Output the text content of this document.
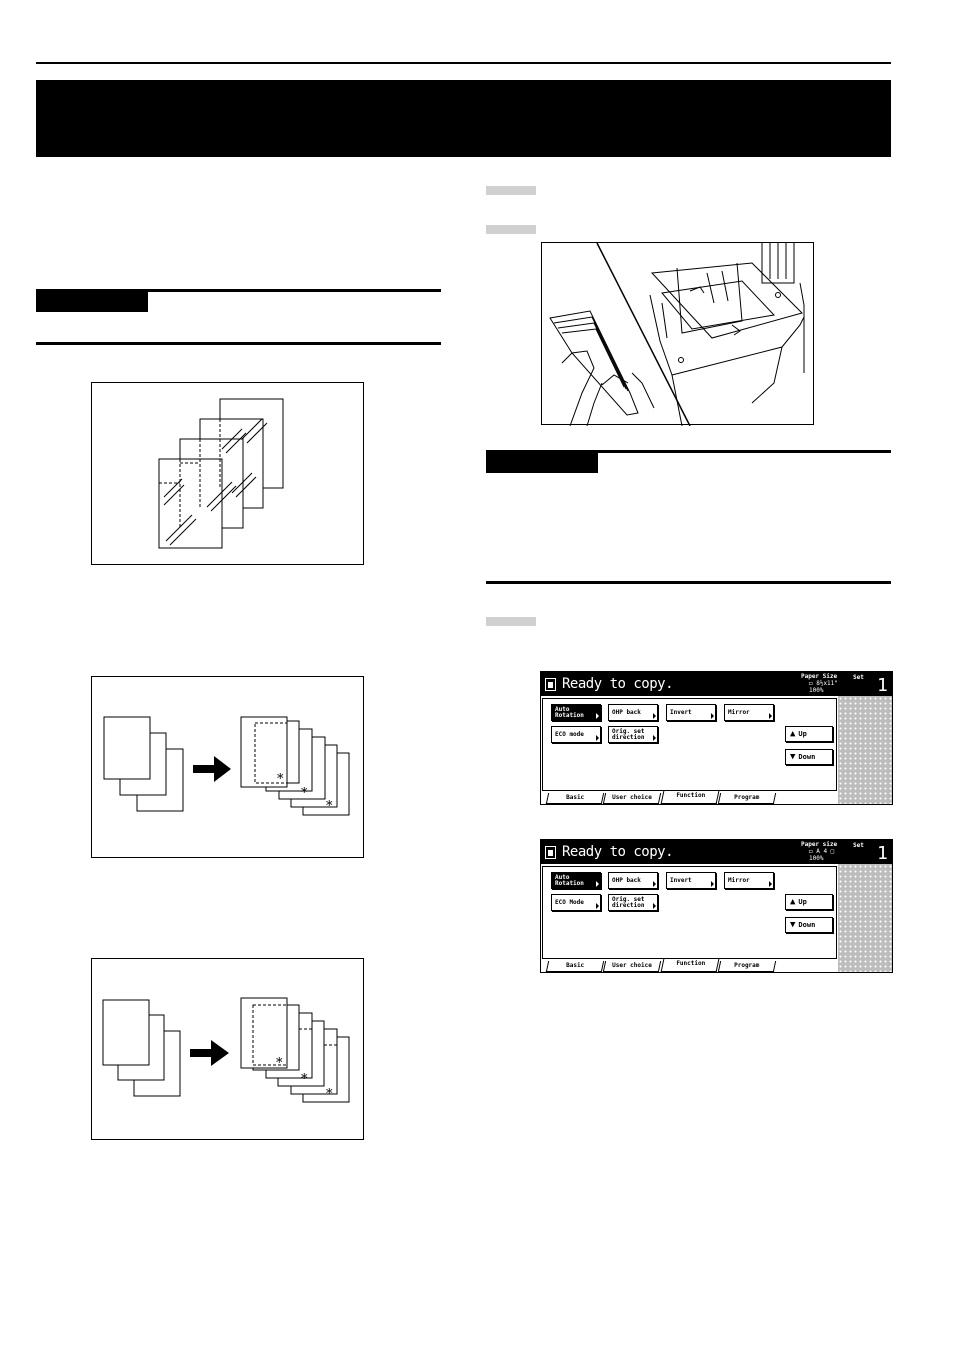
*
*
*
*
*
*
Ready to copy.	Paper Size
◻ 8½x11"
100%
Set 1
Auto
Rotation	OHP back	Invert	Mirror
ECO mode	Orig. set
direction	▲ Up
▼ Down
Basic	User choice	Function	Program
Ready to copy.	Paper size
◻ A 4 □
100%
Set 1
Auto
Rotation	OHP back	Invert	Mirror
ECO Mode	Orig. set
direction	▲ Up
▼ Down
Basic	User choice	Function	Program
